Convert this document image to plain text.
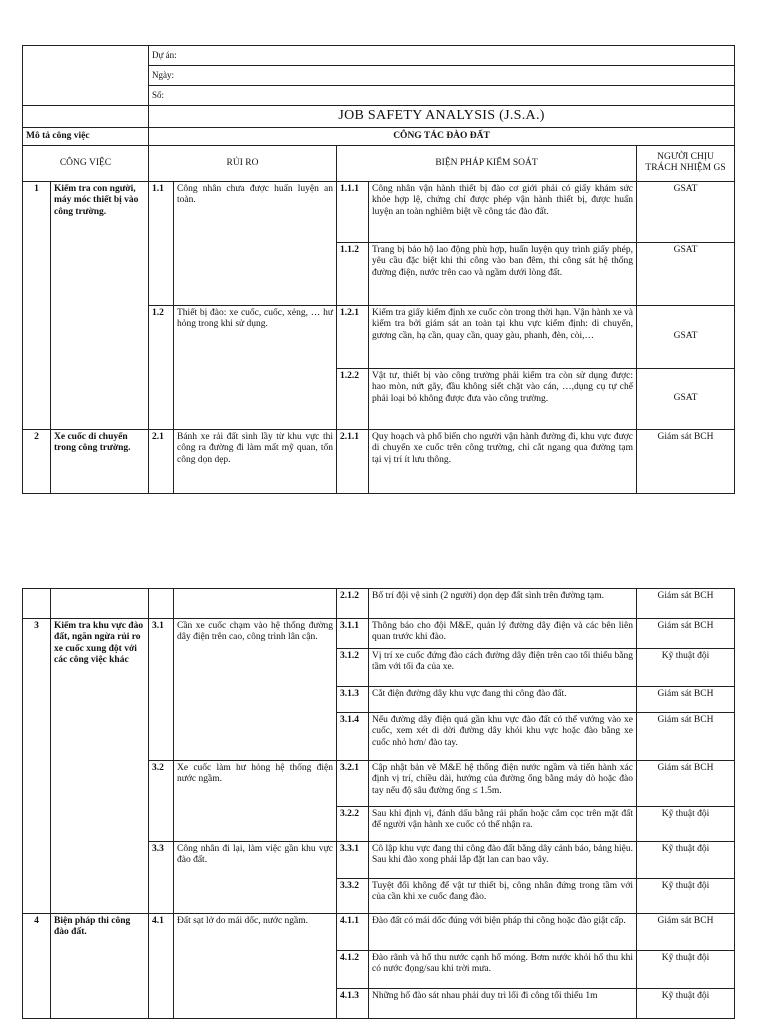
		Dự án:				
		Ngày:				
		Số:				
		JOB SAFETY ANALYSIS (J.S.A.)				
Mô tả công việc		CÔNG TÁC ĐÀO ĐẤT				
CÔNG VIỆC		RỦI RO		BIỆN PHÁP KIỂM SOÁT		NGƯỜI CHỊU TRÁCH NHIỆM GS
1	Kiểm tra con người, máy móc thiết bị vào công trường.	1.1	Công nhân chưa được huấn luyện an toàn.	1.1.1	Công nhân vận hành thiết bị đào cơ giới phải có giấy khám sức khỏe hợp lệ, chứng chỉ được phép vận hành thiết bị, được huấn luyện an toàn nghiêm biệt về công tác đào đất.	GSAT
				1.1.2	Trang bị bảo hộ lao động phù hợp, huấn luyện quy trình giấy phép, yêu cầu đặc biệt khi thi công vào ban đêm, thi công sát hệ thống đường điện, nước trên cao và ngầm dưới lòng đất.	GSAT
		1.2	Thiết bị đào: xe cuốc, cuốc, xẻng, … hư hỏng trong khi sử dụng.	1.2.1	Kiểm tra giấy kiểm định xe cuốc còn trong thời hạn. Vận hành xe và kiểm tra bởi giám sát an toàn tại khu vực kiểm định: di chuyển, gương cần, hạ cần, quay cần, quay gàu, phanh, đèn, còi,…	GSAT
				1.2.2	Vật tư, thiết bị vào công trường phải kiểm tra còn sử dụng được: hao mòn, nứt gãy, đầu không siết chặt vào cán, …,dụng cụ tự chế phải loại bỏ không được đưa vào công trường.	GSAT
2	Xe cuốc di chuyển trong công trường.	2.1	Bánh xe rải đất sình lầy từ khu vực thi công ra đường đi làm mất mỹ quan, tốn công dọn dẹp.	2.1.1	Quy hoạch và phổ biến cho người vận hành đường đi, khu vực được di chuyển xe cuốc trên công trường, chỉ cắt ngang qua đường tạm tại vị trí ít lưu thông.	Giám sát BCH
				2.1.2	Bố trí đội vệ sinh (2 người) dọn dẹp đất sình trên đường tạm.	Giám sát BCH
3	Kiểm tra khu vực đào đất, ngăn ngừa rủi ro xe cuốc xung đột với các công việc khác	3.1	Cần xe cuốc chạm vào hệ thống đường dây điện trên cao, công trình lân cận.	3.1.1	Thông báo cho đội M&E, quản lý đường dây điện và các bên liên quan trước khi đào.	Giám sát BCH
				3.1.2	Vị trí xe cuốc đứng đào cách đường dây điện trên cao tối thiểu bằng tầm với tối đa của xe.	Kỹ thuật đội
				3.1.3	Cắt điện đường dây khu vực đang thi công đào đất.	Giám sát BCH
				3.1.4	Nếu đường dây điện quá gần khu vực đào đất có thể vướng vào xe cuốc, xem xét di dời đường dây khỏi khu vực hoặc đào bằng xe cuốc nhỏ hơn/ đào tay.	Giám sát BCH
		3.2	Xe cuốc làm hư hỏng hệ thống điện nước ngầm.	3.2.1	Cập nhật bản vẽ M&E hệ thống điện nước ngầm và tiến hành xác định vị trí, chiều dài, hướng của đường ống bằng máy dò hoặc đào tay nếu độ sâu đường ống ≤ 1.5m.	Giám sát BCH
				3.2.2	Sau khi định vị, đánh dấu bằng rải phấn hoặc cắm cọc trên mặt đất để người vận hành xe cuốc có thể nhận ra.	Kỹ thuật đội
		3.3	Công nhân đi lại, làm việc gần khu vực đào đất.	3.3.1	Cô lập khu vực đang thi công đào đất bằng dây cảnh báo, bảng hiệu. Sau khi đào xong phải lắp đặt lan can bao vây.	Kỹ thuật đội
				3.3.2	Tuyệt đối không để vật tư thiết bị, công nhân đứng trong tầm với của cần khi xe cuốc đang đào.	Kỹ thuật đội
4	Biện pháp thi công đào đất.	4.1	Đất sạt lở do mái dốc, nước ngầm.	4.1.1	Đào đất có mái dốc đúng với biện pháp thi công hoặc đào giật cấp.	Giám sát BCH
				4.1.2	Đào rãnh và hố thu nước cạnh hố móng. Bơm nước khỏi hố thu khi có nước đọng/sau khi trời mưa.	Kỹ thuật đội
				4.1.3	Những hố đào sát nhau phải duy trì lối đi công tối thiểu 1m	Kỹ thuật đội
